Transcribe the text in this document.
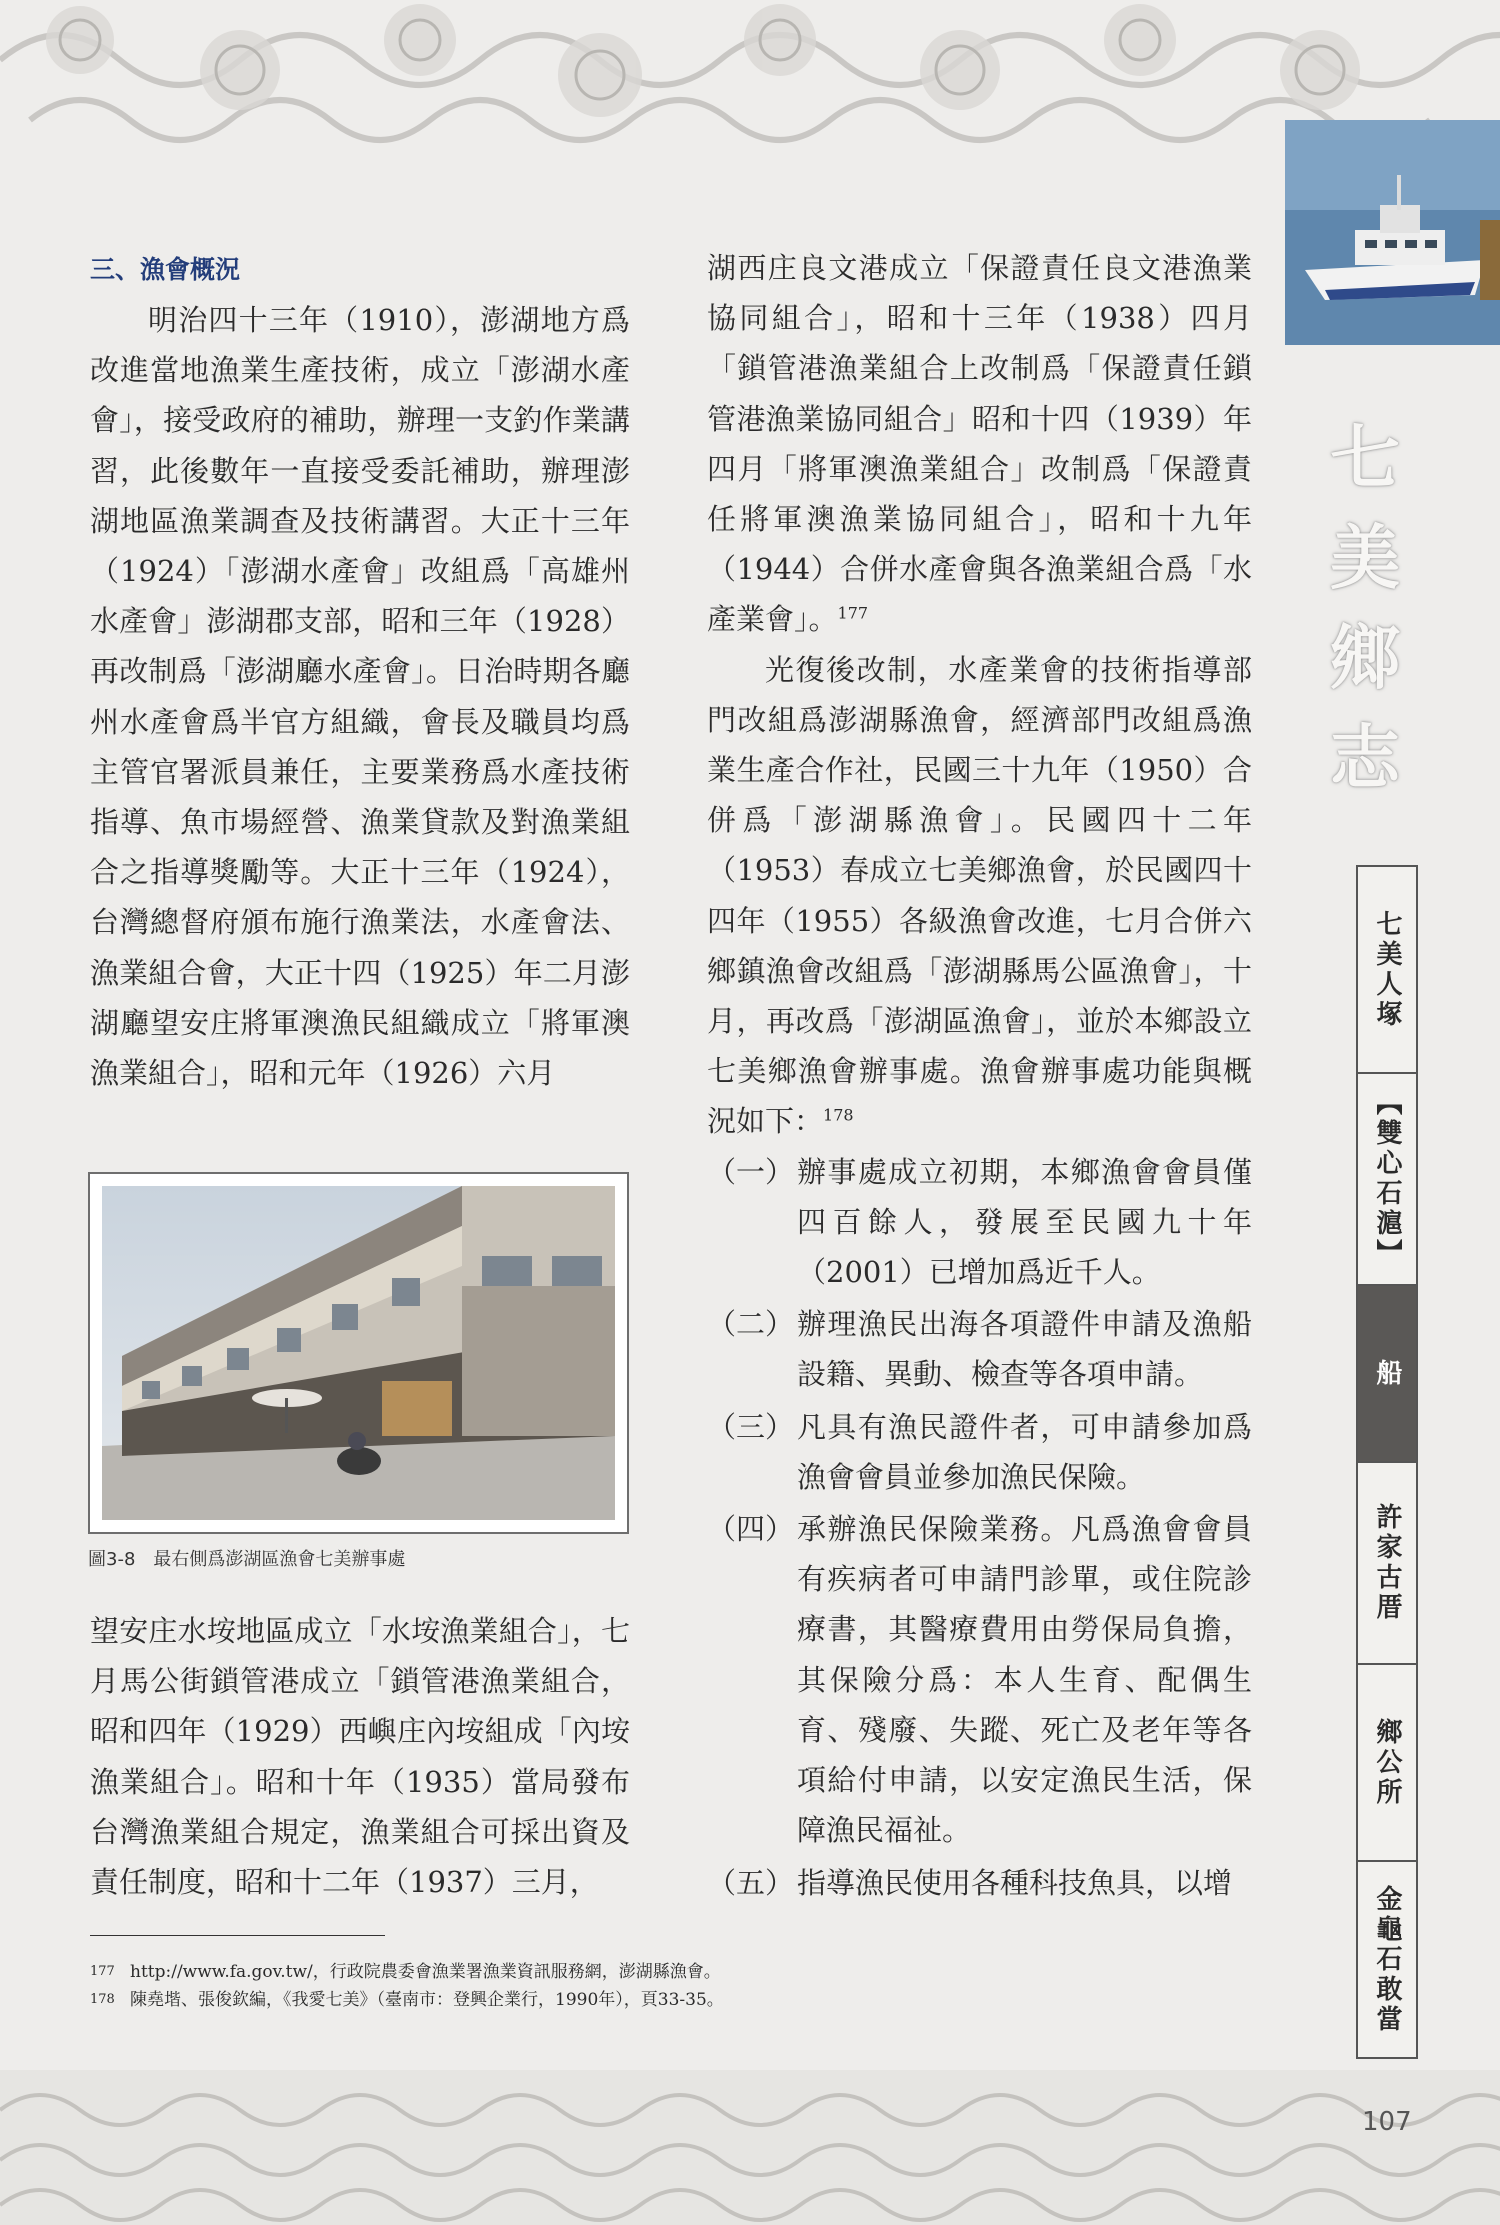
三、漁會概況

明治四十三年（1910），澎湖地方爲改進當地漁業生產技術，成立「澎湖水產會」，接受政府的補助，辦理一支釣作業講習，此後數年一直接受委託補助，辦理澎湖地區漁業調查及技術講習。大正十三年（1924）「澎湖水產會」改組爲「高雄州水產會」澎湖郡支部，昭和三年（1928）再改制爲「澎湖廳水產會」。日治時期各廳州水產會爲半官方組織，會長及職員均爲主管官署派員兼任，主要業務爲水產技術指導、魚市場經營、漁業貸款及對漁業組合之指導獎勵等。大正十三年（1924），台灣總督府頒布施行漁業法，水產會法、漁業組合會，大正十四（1925）年二月澎湖廳望安庄將軍澳漁民組織成立「將軍澳漁業組合」，昭和元年（1926）六月

圖3-8　最右側爲澎湖區漁會七美辦事處

望安庄水垵地區成立「水垵漁業組合」，七月馬公街鎖管港成立「鎖管港漁業組合，昭和四年（1929）西嶼庄內垵組成「內垵漁業組合」。昭和十年（1935）當局發布台灣漁業組合規定，漁業組合可採出資及責任制度，昭和十二年（1937）三月，

湖西庄良文港成立「保證責任良文港漁業協同組合」，昭和十三年（1938）四月「鎖管港漁業組合上改制爲「保證責任鎖管港漁業協同組合」昭和十四（1939）年四月「將軍澳漁業組合」改制爲「保證責任將軍澳漁業協同組合」，昭和十九年（1944）合併水產會與各漁業組合爲「水產業會」。$^{177}$

光復後改制，水產業會的技術指導部門改組爲澎湖縣漁會，經濟部門改組爲漁業生產合作社，民國三十九年（1950）合併爲「澎湖縣漁會」。民國四十二年（1953）春成立七美鄉漁會，於民國四十四年（1955）各級漁會改進，七月合併六鄉鎮漁會改組爲「澎湖縣馬公區漁會」，十月，再改爲「澎湖區漁會」，並於本鄉設立七美鄉漁會辦事處。漁會辦事處功能與概況如下：$^{178}$

（一） 辦事處成立初期，本鄉漁會會員僅四百餘人，發展至民國九十年（2001）已增加爲近千人。
（二） 辦理漁民出海各項證件申請及漁船設籍、異動、檢查等各項申請。
（三） 凡具有漁民證件者，可申請參加爲漁會會員並參加漁民保險。
（四） 承辦漁民保險業務。凡爲漁會會員有疾病者可申請門診單，或住院診療書，其醫療費用由勞保局負擔，其保險分爲：本人生育、配偶生育、殘廢、失蹤、死亡及老年等各項給付申請，以安定漁民生活，保障漁民福祉。
（五） 指導漁民使用各種科技魚具，以增
177 http://www.fa.gov.tw/，行政院農委會漁業署漁業資訊服務網，澎湖縣漁會。
178 陳堯堦、張俊欽編，《我愛七美》（臺南市：登興企業行，1990年），頁33-35。
七
美
鄉
志
七美人塚
【雙心石滬】
船
許家古厝
鄉公所
金龜石敢當
107
